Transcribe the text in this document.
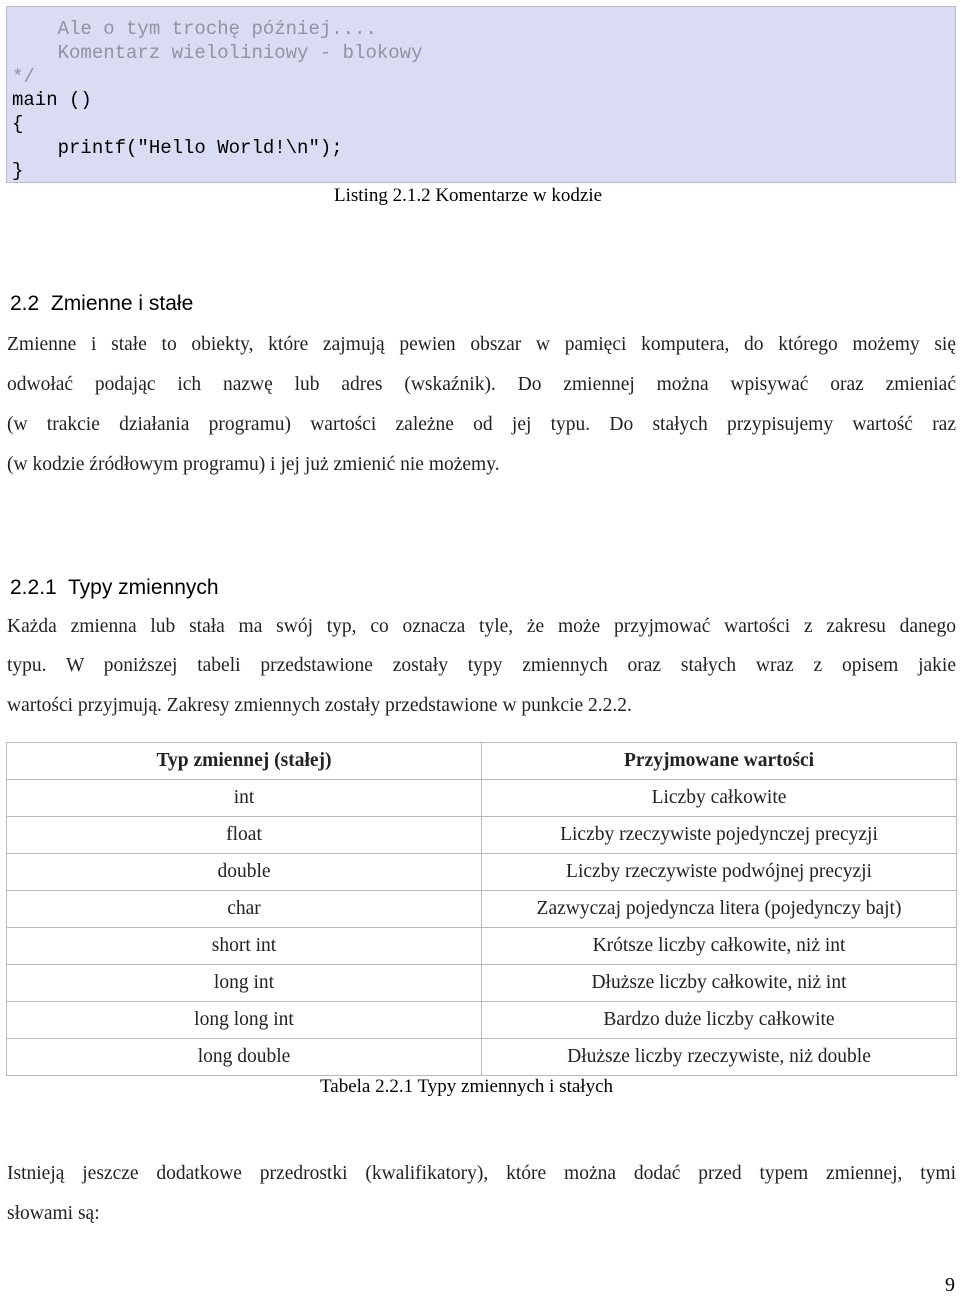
Ale o tym trochę później....
Komentarz wieloliniowy - blokowy
*/
main ()
{
printf("Hello World!\n");
}
Listing 2.1.2 Komentarze w kodzie
2.2  Zmienne i stałe
Zmienne i stałe to obiekty, które zajmują pewien obszar w pamięci komputera, do którego możemy się
odwołać podając ich nazwę lub adres (wskaźnik). Do zmiennej można wpisywać oraz zmieniać
(w trakcie działania programu) wartości zależne od jej typu. Do stałych przypisujemy wartość raz
(w kodzie źródłowym programu) i jej już zmienić nie możemy.
2.2.1  Typy zmiennych
Każda zmienna lub stała ma swój typ, co oznacza tyle, że może przyjmować wartości z zakresu danego
typu. W poniższej tabeli przedstawione zostały typy zmiennych oraz stałych wraz z opisem jakie
wartości przyjmują. Zakresy zmiennych zostały przedstawione w punkcie 2.2.2.
Typ zmiennej (stałej)	Przyjmowane wartości
int	Liczby całkowite
float	Liczby rzeczywiste pojedynczej precyzji
double	Liczby rzeczywiste podwójnej precyzji
char	Zazwyczaj pojedyncza litera (pojedynczy bajt)
short int	Krótsze liczby całkowite, niż int
long int	Dłuższe liczby całkowite, niż int
long long int	Bardzo duże liczby całkowite
long double	Dłuższe liczby rzeczywiste, niż double
Tabela 2.2.1 Typy zmiennych i stałych
Istnieją jeszcze dodatkowe przedrostki (kwalifikatory), które można dodać przed typem zmiennej, tymi
słowami są:
9
